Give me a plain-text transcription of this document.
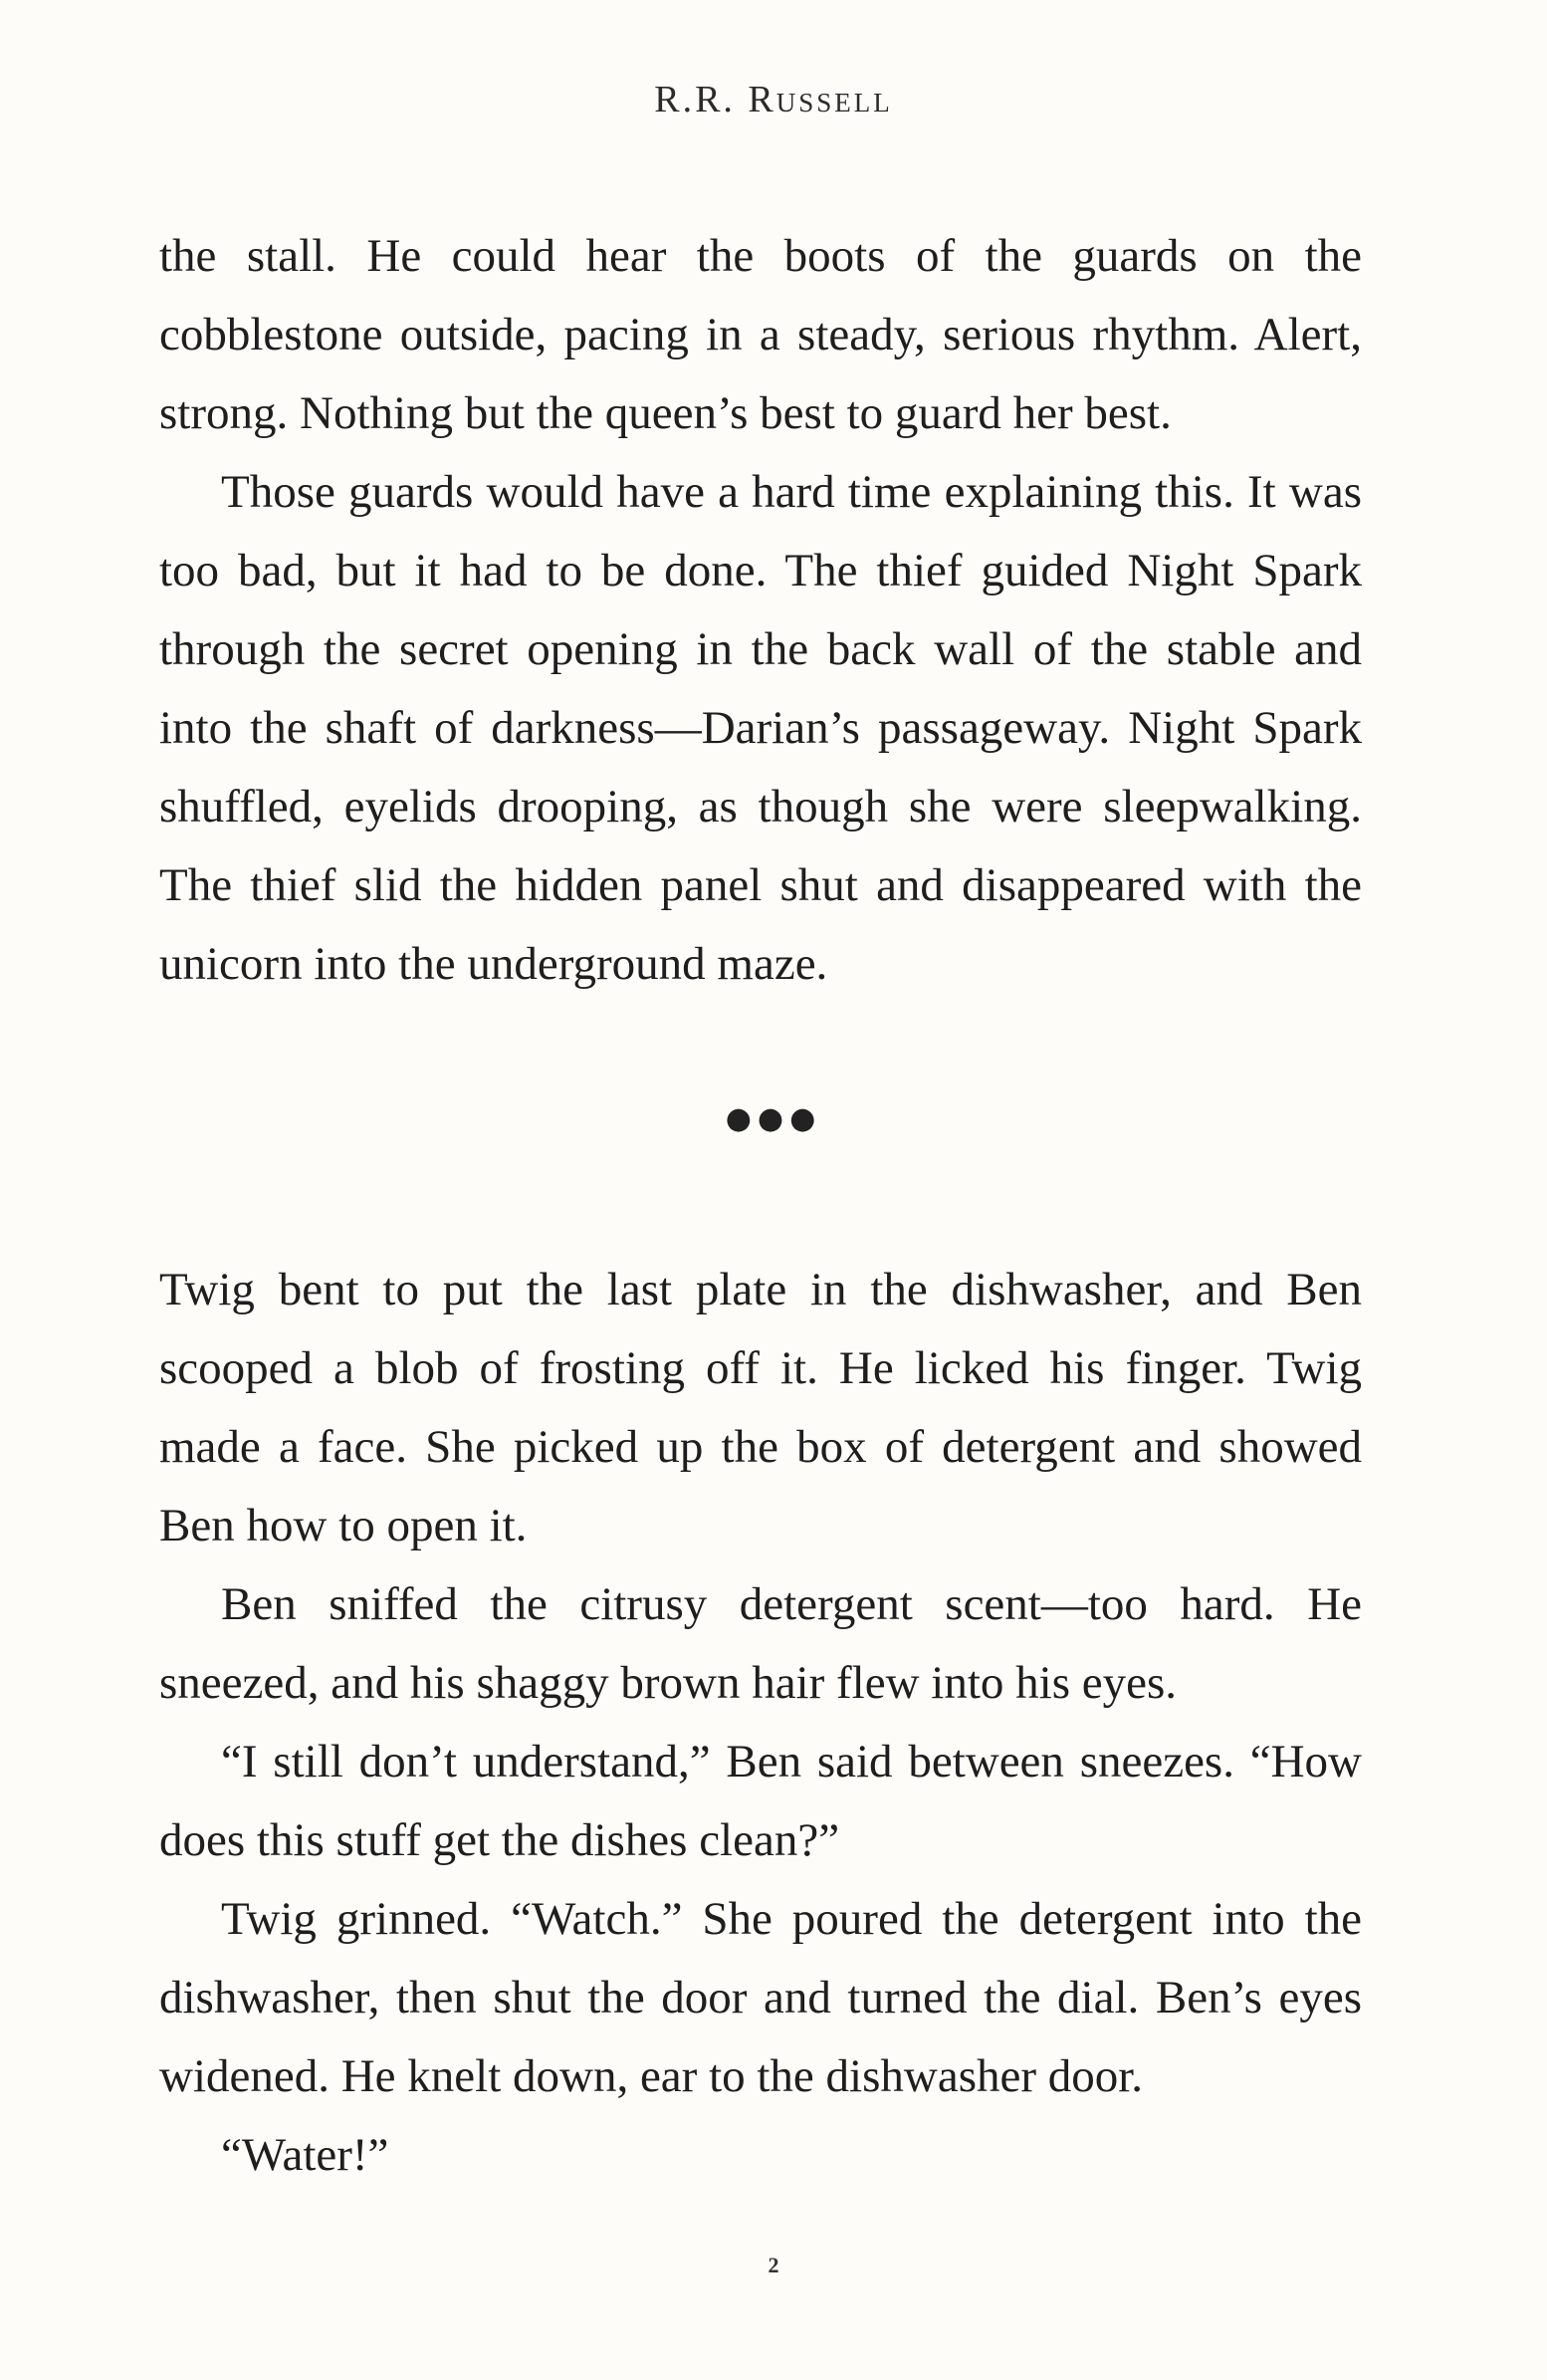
R.R. Russell

the stall. He could hear the boots of the guards on the cobblestone outside, pacing in a steady, serious rhythm. Alert, strong. Nothing but the queen’s best to guard her best.

Those guards would have a hard time explaining this. It was too bad, but it had to be done. The thief guided Night Spark through the secret opening in the back wall of the stable and into the shaft of darkness—Darian’s passageway. Night Spark shuffled, eyelids drooping, as though she were sleepwalking. The thief slid the hidden panel shut and disappeared with the unicorn into the underground maze.

●●●

Twig bent to put the last plate in the dishwasher, and Ben scooped a blob of frosting off it. He licked his finger. Twig made a face. She picked up the box of detergent and showed Ben how to open it.

Ben sniffed the citrusy detergent scent—too hard. He sneezed, and his shaggy brown hair flew into his eyes.

“I still don’t understand,” Ben said between sneezes. “How does this stuff get the dishes clean?”

Twig grinned. “Watch.” She poured the detergent into the dishwasher, then shut the door and turned the dial. Ben’s eyes widened. He knelt down, ear to the dishwasher door.

“Water!”

2
